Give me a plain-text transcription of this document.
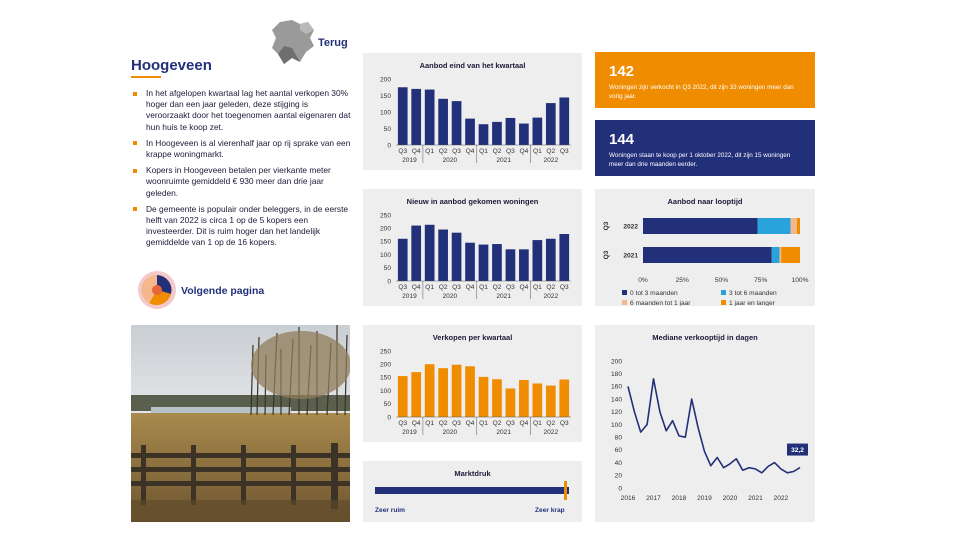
Terug
Hoogeveen
In het afgelopen kwartaal lag het aantal verkopen 30% hoger dan een jaar geleden, deze stijging is veroorzaakt door het toegenomen aantal eigenaren dat hun huis te koop zet.
In Hoogeveen is al vierenhalf jaar op rij sprake van een krappe woningmarkt.
Kopers in Hoogeveen betalen per vierkante meter woonruimte gemiddeld € 930 meer dan drie jaar geleden.
De gemeente is populair onder beleggers, in de eerste helft van 2022 is circa 1 op de 5 kopers een investeerder. Dit is ruim hoger dan het landelijk gemiddelde van 1 op de 16 kopers.
Volgende pagina
Aanbod eind van het kwartaal
0
50
100
150
200
Q3 Q4 Q1 Q2 Q3 Q4 Q1 Q2 Q3 Q4 Q1 Q2 Q3
2019	2020	2021	2022
Nieuw in aanbod gekomen woningen
0
50
100
150
200
250
Q3 Q4 Q1 Q2 Q3 Q4 Q1 Q2 Q3 Q4 Q1 Q2 Q3
2019	2020	2021	2022
Verkopen per kwartaal
0
50
100
150
200
250
Q3 Q4 Q1 Q2 Q3 Q4 Q1 Q2 Q3 Q4 Q1 Q2 Q3
2019	2020	2021	2022
Marktdruk
Zeer ruim	Zeer krap
142
Woningen zijn verkocht in Q3 2022, dit zijn 33 woningen meer dan vorig jaar.
144
Woningen staan te koop per 1 oktober 2022, dit zijn 15 woningen meer dan drie maanden eerder.
Aanbod naar looptijd
2022
Q3
2021
Q3
0%	25%	50%	75%	100%
0 tot 3 maanden	3 tot 6 maanden
6 maanden tot 1 jaar	1 jaar en langer
Mediane verkooptijd in dagen
0
20
40
60
80
100
120
140
160
180
200
2016 2017 2018 2019 2020 2021 2022
32,2
